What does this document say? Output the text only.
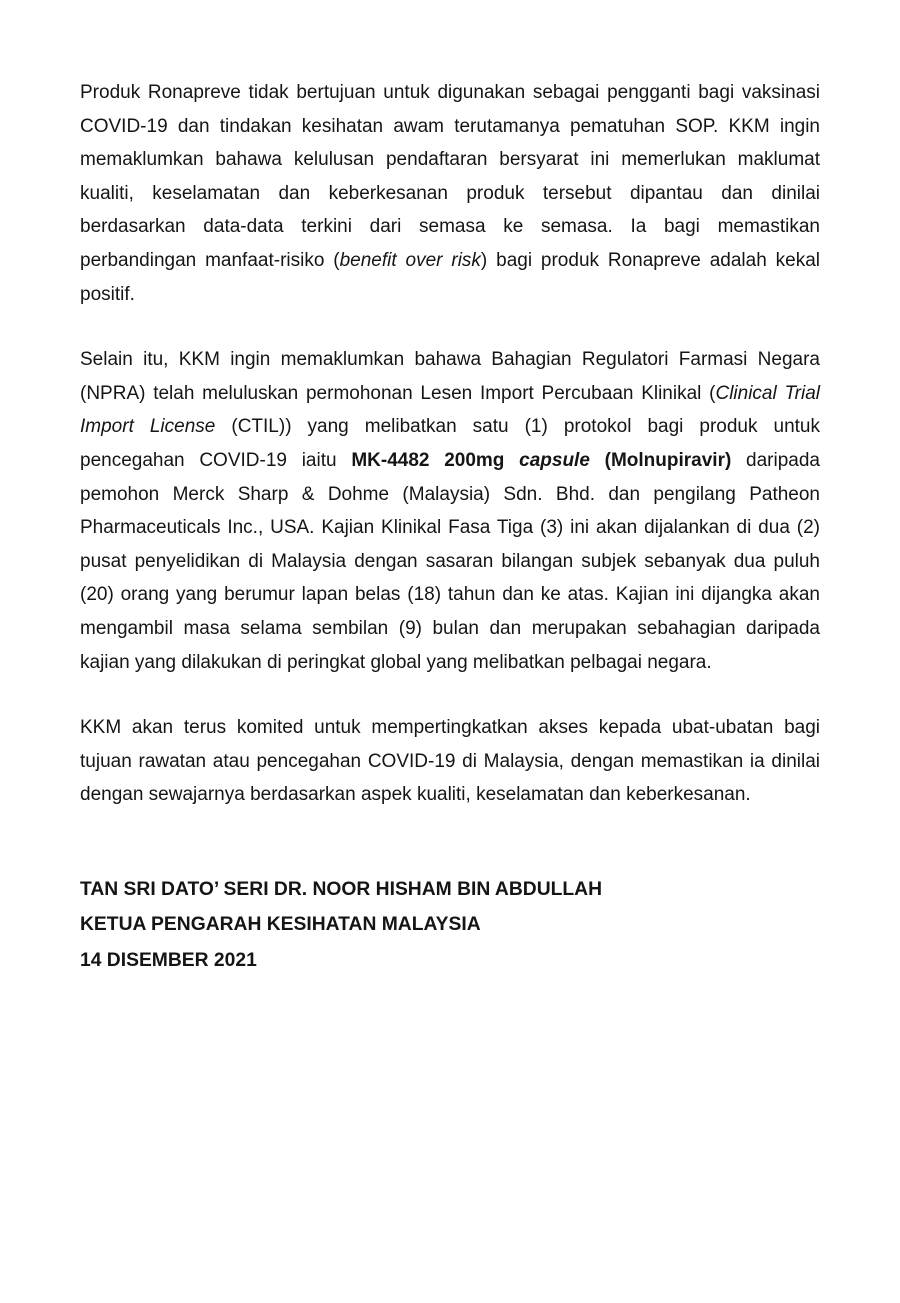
Produk Ronapreve tidak bertujuan untuk digunakan sebagai pengganti bagi vaksinasi
COVID-19 dan tindakan kesihatan awam terutamanya pematuhan SOP. KKM ingin
memaklumkan bahawa kelulusan pendaftaran bersyarat ini memerlukan maklumat
kualiti, keselamatan dan keberkesanan produk tersebut dipantau dan dinilai
berdasarkan data-data terkini dari semasa ke semasa. Ia bagi memastikan
perbandingan manfaat-risiko (benefit over risk) bagi produk Ronapreve adalah kekal
positif.
Selain itu, KKM ingin memaklumkan bahawa Bahagian Regulatori Farmasi Negara
(NPRA) telah meluluskan permohonan Lesen Import Percubaan Klinikal (Clinical Trial
Import License (CTIL)) yang melibatkan satu (1) protokol bagi produk untuk
pencegahan COVID-19 iaitu MK-4482 200mg capsule (Molnupiravir) daripada
pemohon Merck Sharp & Dohme (Malaysia) Sdn. Bhd. dan pengilang Patheon
Pharmaceuticals Inc., USA. Kajian Klinikal Fasa Tiga (3) ini akan dijalankan di dua (2)
pusat penyelidikan di Malaysia dengan sasaran bilangan subjek sebanyak dua puluh
(20) orang yang berumur lapan belas (18) tahun dan ke atas. Kajian ini dijangka akan
mengambil masa selama sembilan (9) bulan dan merupakan sebahagian daripada
kajian yang dilakukan di peringkat global yang melibatkan pelbagai negara.
KKM akan terus komited untuk mempertingkatkan akses kepada ubat-ubatan bagi
tujuan rawatan atau pencegahan COVID-19 di Malaysia, dengan memastikan ia dinilai
dengan sewajarnya berdasarkan aspek kualiti, keselamatan dan keberkesanan.
TAN SRI DATO’ SERI DR. NOOR HISHAM BIN ABDULLAH
KETUA PENGARAH KESIHATAN MALAYSIA
14 DISEMBER 2021
